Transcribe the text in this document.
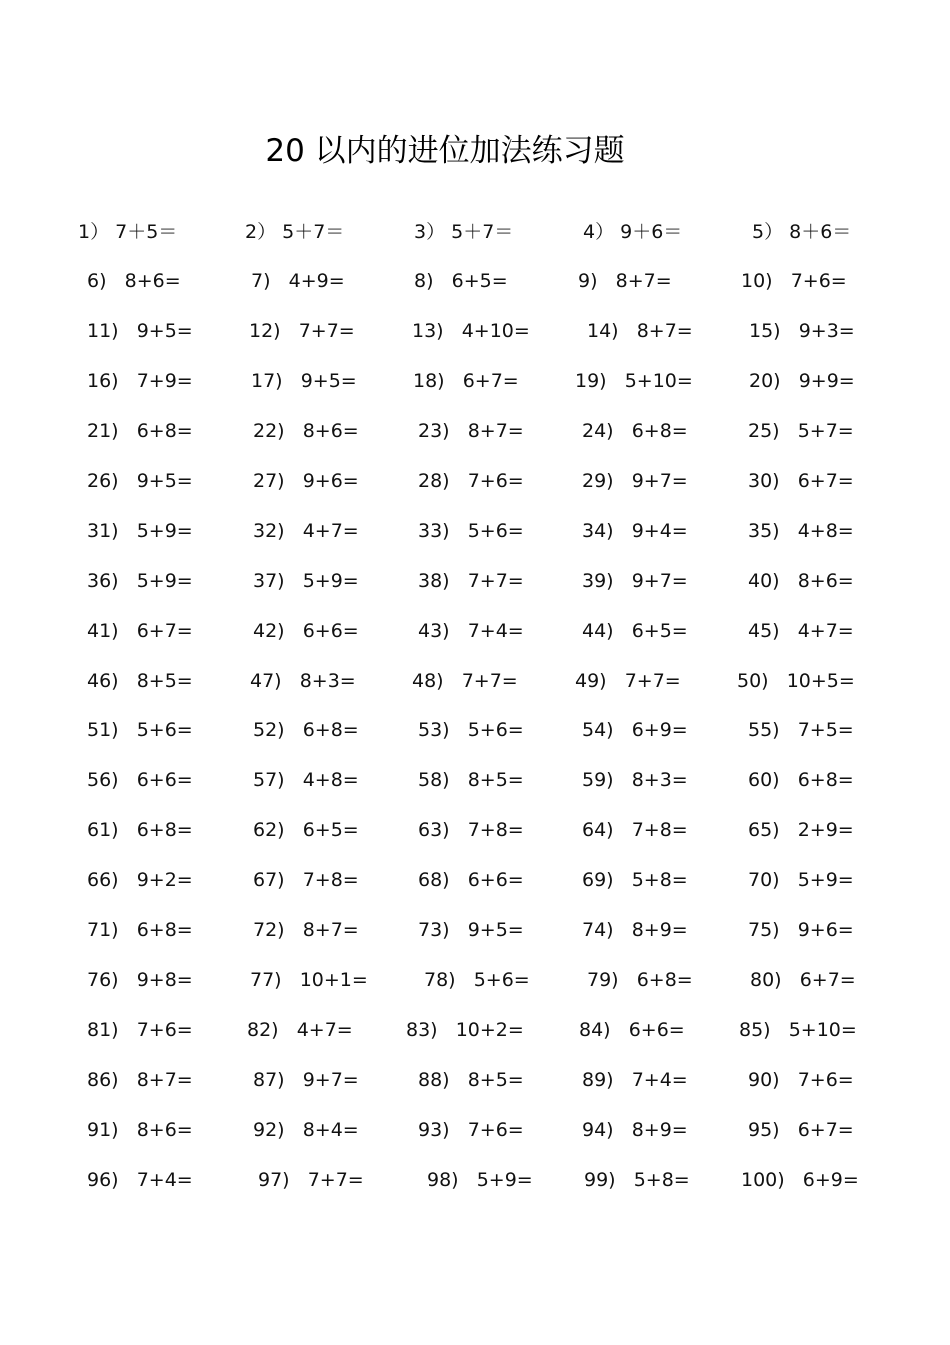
20 以内的进位加法练习题
1） 7＋5＝	2） 5＋7＝	3） 5＋7＝	4） 9＋6＝	5） 8＋6＝
6)   8+6=	7)   4+9=	8)   6+5=	9)   8+7=	10)   7+6=
11)   9+5=	12)   7+7=	13)   4+10=	14)   8+7=	15)   9+3=
16)   7+9=	17)   9+5=	18)   6+7=	19)   5+10=	20)   9+9=
21)   6+8=	22)   8+6=	23)   8+7=	24)   6+8=	25)   5+7=
26)   9+5=	27)   9+6=	28)   7+6=	29)   9+7=	30)   6+7=
31)   5+9=	32)   4+7=	33)   5+6=	34)   9+4=	35)   4+8=
36)   5+9=	37)   5+9=	38)   7+7=	39)   9+7=	40)   8+6=
41)   6+7=	42)   6+6=	43)   7+4=	44)   6+5=	45)   4+7=
46)   8+5=	47)   8+3=	48)   7+7=	49)   7+7=	50)   10+5=
51)   5+6=	52)   6+8=	53)   5+6=	54)   6+9=	55)   7+5=
56)   6+6=	57)   4+8=	58)   8+5=	59)   8+3=	60)   6+8=
61)   6+8=	62)   6+5=	63)   7+8=	64)   7+8=	65)   2+9=
66)   9+2=	67)   7+8=	68)   6+6=	69)   5+8=	70)   5+9=
71)   6+8=	72)   8+7=	73)   9+5=	74)   8+9=	75)   9+6=
76)   9+8=	77)   10+1=	78)   5+6=	79)   6+8=	80)   6+7=
81)   7+6=	82)   4+7=	83)   10+2=	84)   6+6=	85)   5+10=
86)   8+7=	87)   9+7=	88)   8+5=	89)   7+4=	90)   7+6=
91)   8+6=	92)   8+4=	93)   7+6=	94)   8+9=	95)   6+7=
96)   7+4=	97)   7+7=	98)   5+9=	99)   5+8=	100)   6+9=
